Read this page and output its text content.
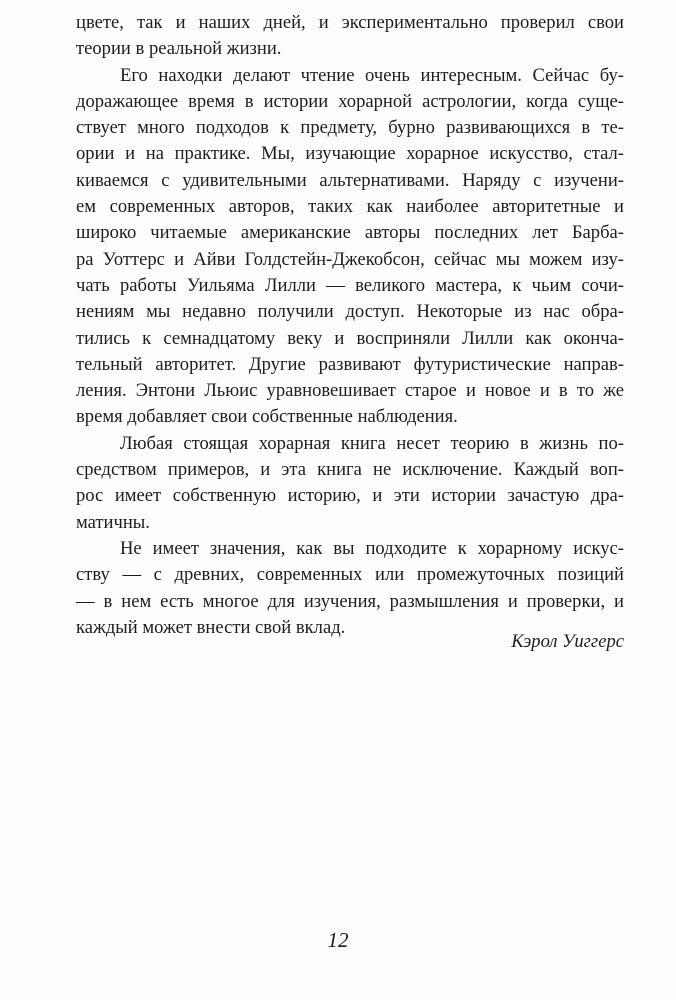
цвете, так и наших дней, и экспериментально проверил свои
теории в реальной жизни.
Его находки делают чтение очень интересным. Сейчас бу-
доражающее время в истории хорарной астрологии, когда суще-
ствует много подходов к предмету, бурно развивающихся в те-
ории и на практике. Мы, изучающие хорарное искусство, стал-
киваемся с удивительными альтернативами. Наряду с изучени-
ем современных авторов, таких как наиболее авторитетные и
широко читаемые американские авторы последних лет Барба-
ра Уоттерс и Айви Голдстейн-Джекобсон, сейчас мы можем изу-
чать работы Уильяма Лилли — великого мастера, к чьим сочи-
нениям мы недавно получили доступ. Некоторые из нас обра-
тились к семнадцатому веку и восприняли Лилли как оконча-
тельный авторитет. Другие развивают футуристические направ-
ления. Энтони Льюис уравновешивает старое и новое и в то же
время добавляет свои собственные наблюдения.
Любая стоящая хорарная книга несет теорию в жизнь по-
средством примеров, и эта книга не исключение. Каждый воп-
рос имеет собственную историю, и эти истории зачастую дра-
матичны.
Не имеет значения, как вы подходите к хорарному искус-
ству — с древних, современных или промежуточных позиций
— в нем есть многое для изучения, размышления и проверки, и
каждый может внести свой вклад.
Кэрол Уиггерс
12
